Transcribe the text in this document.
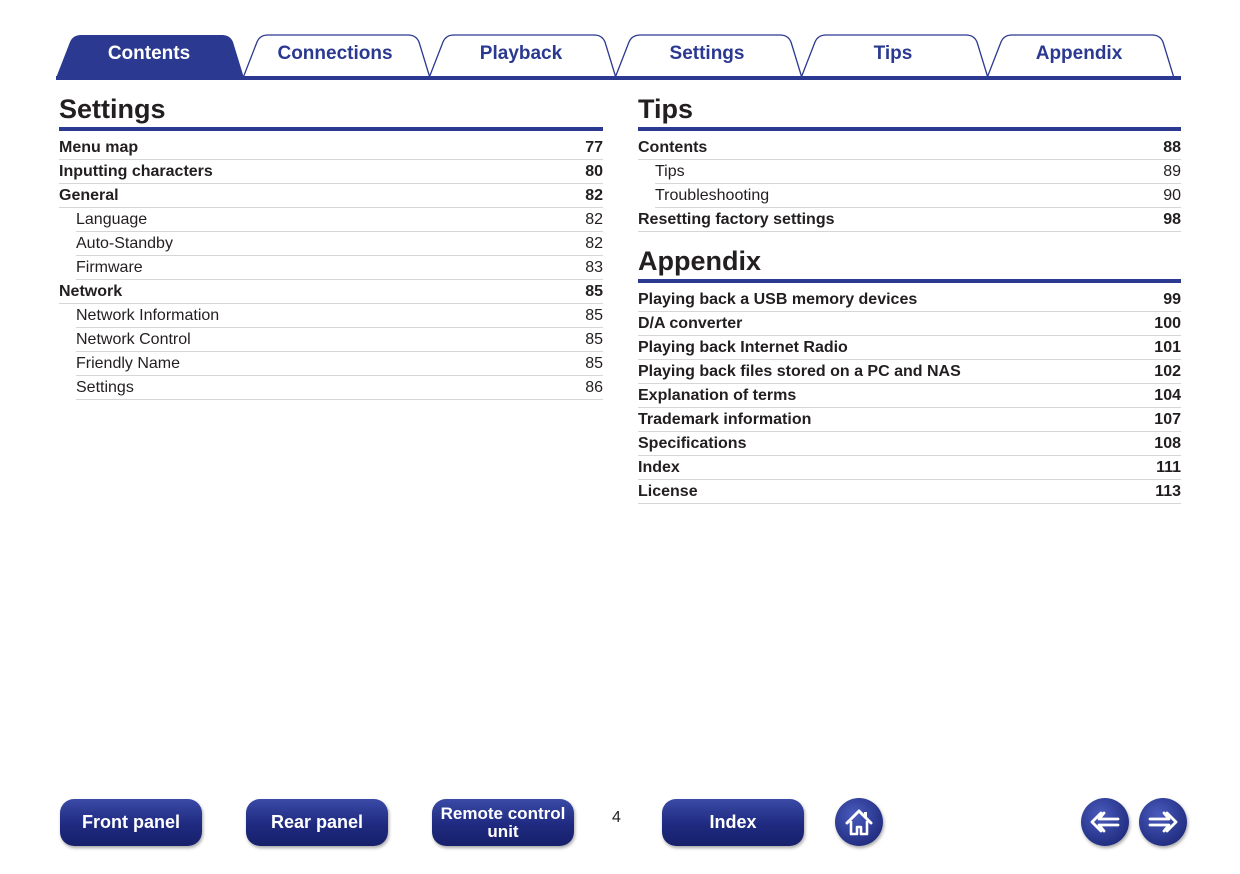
Contents	Connections	Playback	Settings	Tips	Appendix
Settings
Menu map	77
Inputting characters	80
General	82
Language	82
Auto-Standby	82
Firmware	83
Network	85
Network Information	85
Network Control	85
Friendly Name	85
Settings	86
Tips
Contents	88
Tips	89
Troubleshooting	90
Resetting factory settings	98
Appendix
Playing back a USB memory devices	99
D/A converter	100
Playing back Internet Radio	101
Playing back files stored on a PC and NAS	102
Explanation of terms	104
Trademark information	107
Specifications	108
Index	111
License	113
Front panel	Rear panel	Remote control
unit
4	Index
